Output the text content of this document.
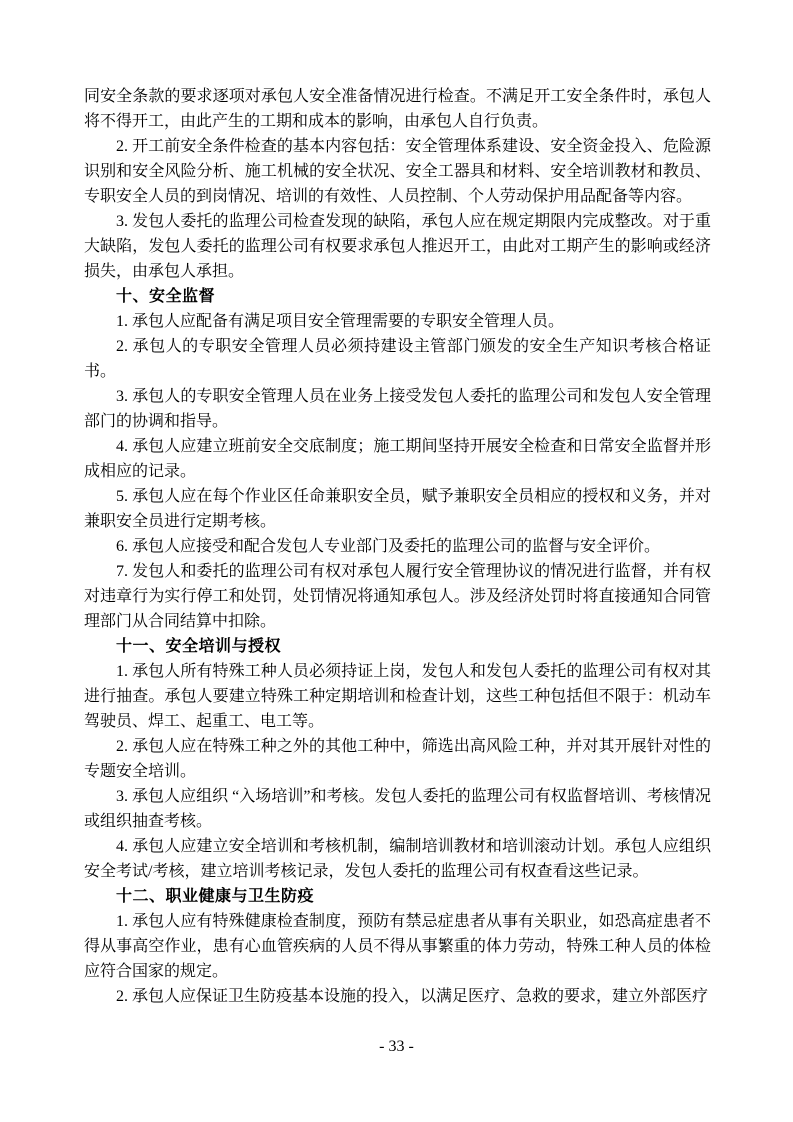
同安全条款的要求逐项对承包人安全准备情况进行检查。不满足开工安全条件时，承包人将不得开工，由此产生的工期和成本的影响，由承包人自行负责。

2. 开工前安全条件检查的基本内容包括：安全管理体系建设、安全资金投入、危险源识别和安全风险分析、施工机械的安全状况、安全工器具和材料、安全培训教材和教员、专职安全人员的到岗情况、培训的有效性、人员控制、个人劳动保护用品配备等内容。

3. 发包人委托的监理公司检查发现的缺陷，承包人应在规定期限内完成整改。对于重大缺陷，发包人委托的监理公司有权要求承包人推迟开工，由此对工期产生的影响或经济损失，由承包人承担。

十、安全监督

1. 承包人应配备有满足项目安全管理需要的专职安全管理人员。

2. 承包人的专职安全管理人员必须持建设主管部门颁发的安全生产知识考核合格证书。

3. 承包人的专职安全管理人员在业务上接受发包人委托的监理公司和发包人安全管理部门的协调和指导。

4. 承包人应建立班前安全交底制度；施工期间坚持开展安全检查和日常安全监督并形成相应的记录。

5. 承包人应在每个作业区任命兼职安全员，赋予兼职安全员相应的授权和义务，并对兼职安全员进行定期考核。

6. 承包人应接受和配合发包人专业部门及委托的监理公司的监督与安全评价。

7. 发包人和委托的监理公司有权对承包人履行安全管理协议的情况进行监督，并有权对违章行为实行停工和处罚，处罚情况将通知承包人。涉及经济处罚时将直接通知合同管理部门从合同结算中扣除。

十一、安全培训与授权

1. 承包人所有特殊工种人员必须持证上岗，发包人和发包人委托的监理公司有权对其进行抽查。承包人要建立特殊工种定期培训和检查计划，这些工种包括但不限于：机动车驾驶员、焊工、起重工、电工等。

2. 承包人应在特殊工种之外的其他工种中，筛选出高风险工种，并对其开展针对性的专题安全培训。

3. 承包人应组织 “入场培训”和考核。发包人委托的监理公司有权监督培训、考核情况或组织抽查考核。

4. 承包人应建立安全培训和考核机制，编制培训教材和培训滚动计划。承包人应组织安全考试/考核，建立培训考核记录，发包人委托的监理公司有权查看这些记录。

十二、职业健康与卫生防疫

1. 承包人应有特殊健康检查制度，预防有禁忌症患者从事有关职业，如恐高症患者不得从事高空作业，患有心血管疾病的人员不得从事繁重的体力劳动，特殊工种人员的体检应符合国家的规定。

2. 承包人应保证卫生防疫基本设施的投入，以满足医疗、急救的要求，建立外部医疗

- 33 -
